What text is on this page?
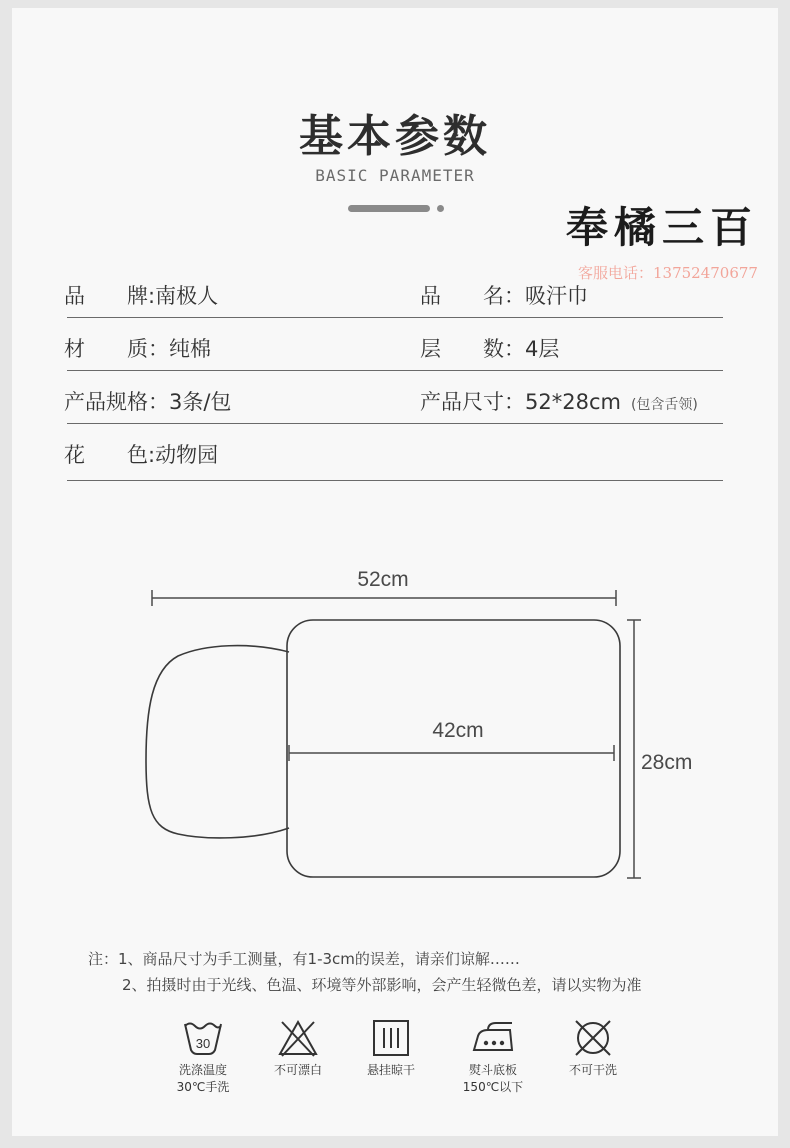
基本参数
BASIC PARAMETER
奉橘三百
客服电话：13752470677
品　　牌:南极人	品　　名：吸汗巾
材　　质：纯棉	层　　数：4层
产品规格：3条/包	产品尺寸：52*28cm (包含舌领)
花　　色:动物园
52cm
42cm
28cm
注：1、商品尺寸为手工测量，有1-3cm的误差，请亲们谅解……
2、拍摄时由于光线、色温、环境等外部影响，会产生轻微色差，请以实物为准
30
洗涤温度
30℃手洗
不可漂白	悬挂晾干	熨斗底板
150℃以下
不可干洗
